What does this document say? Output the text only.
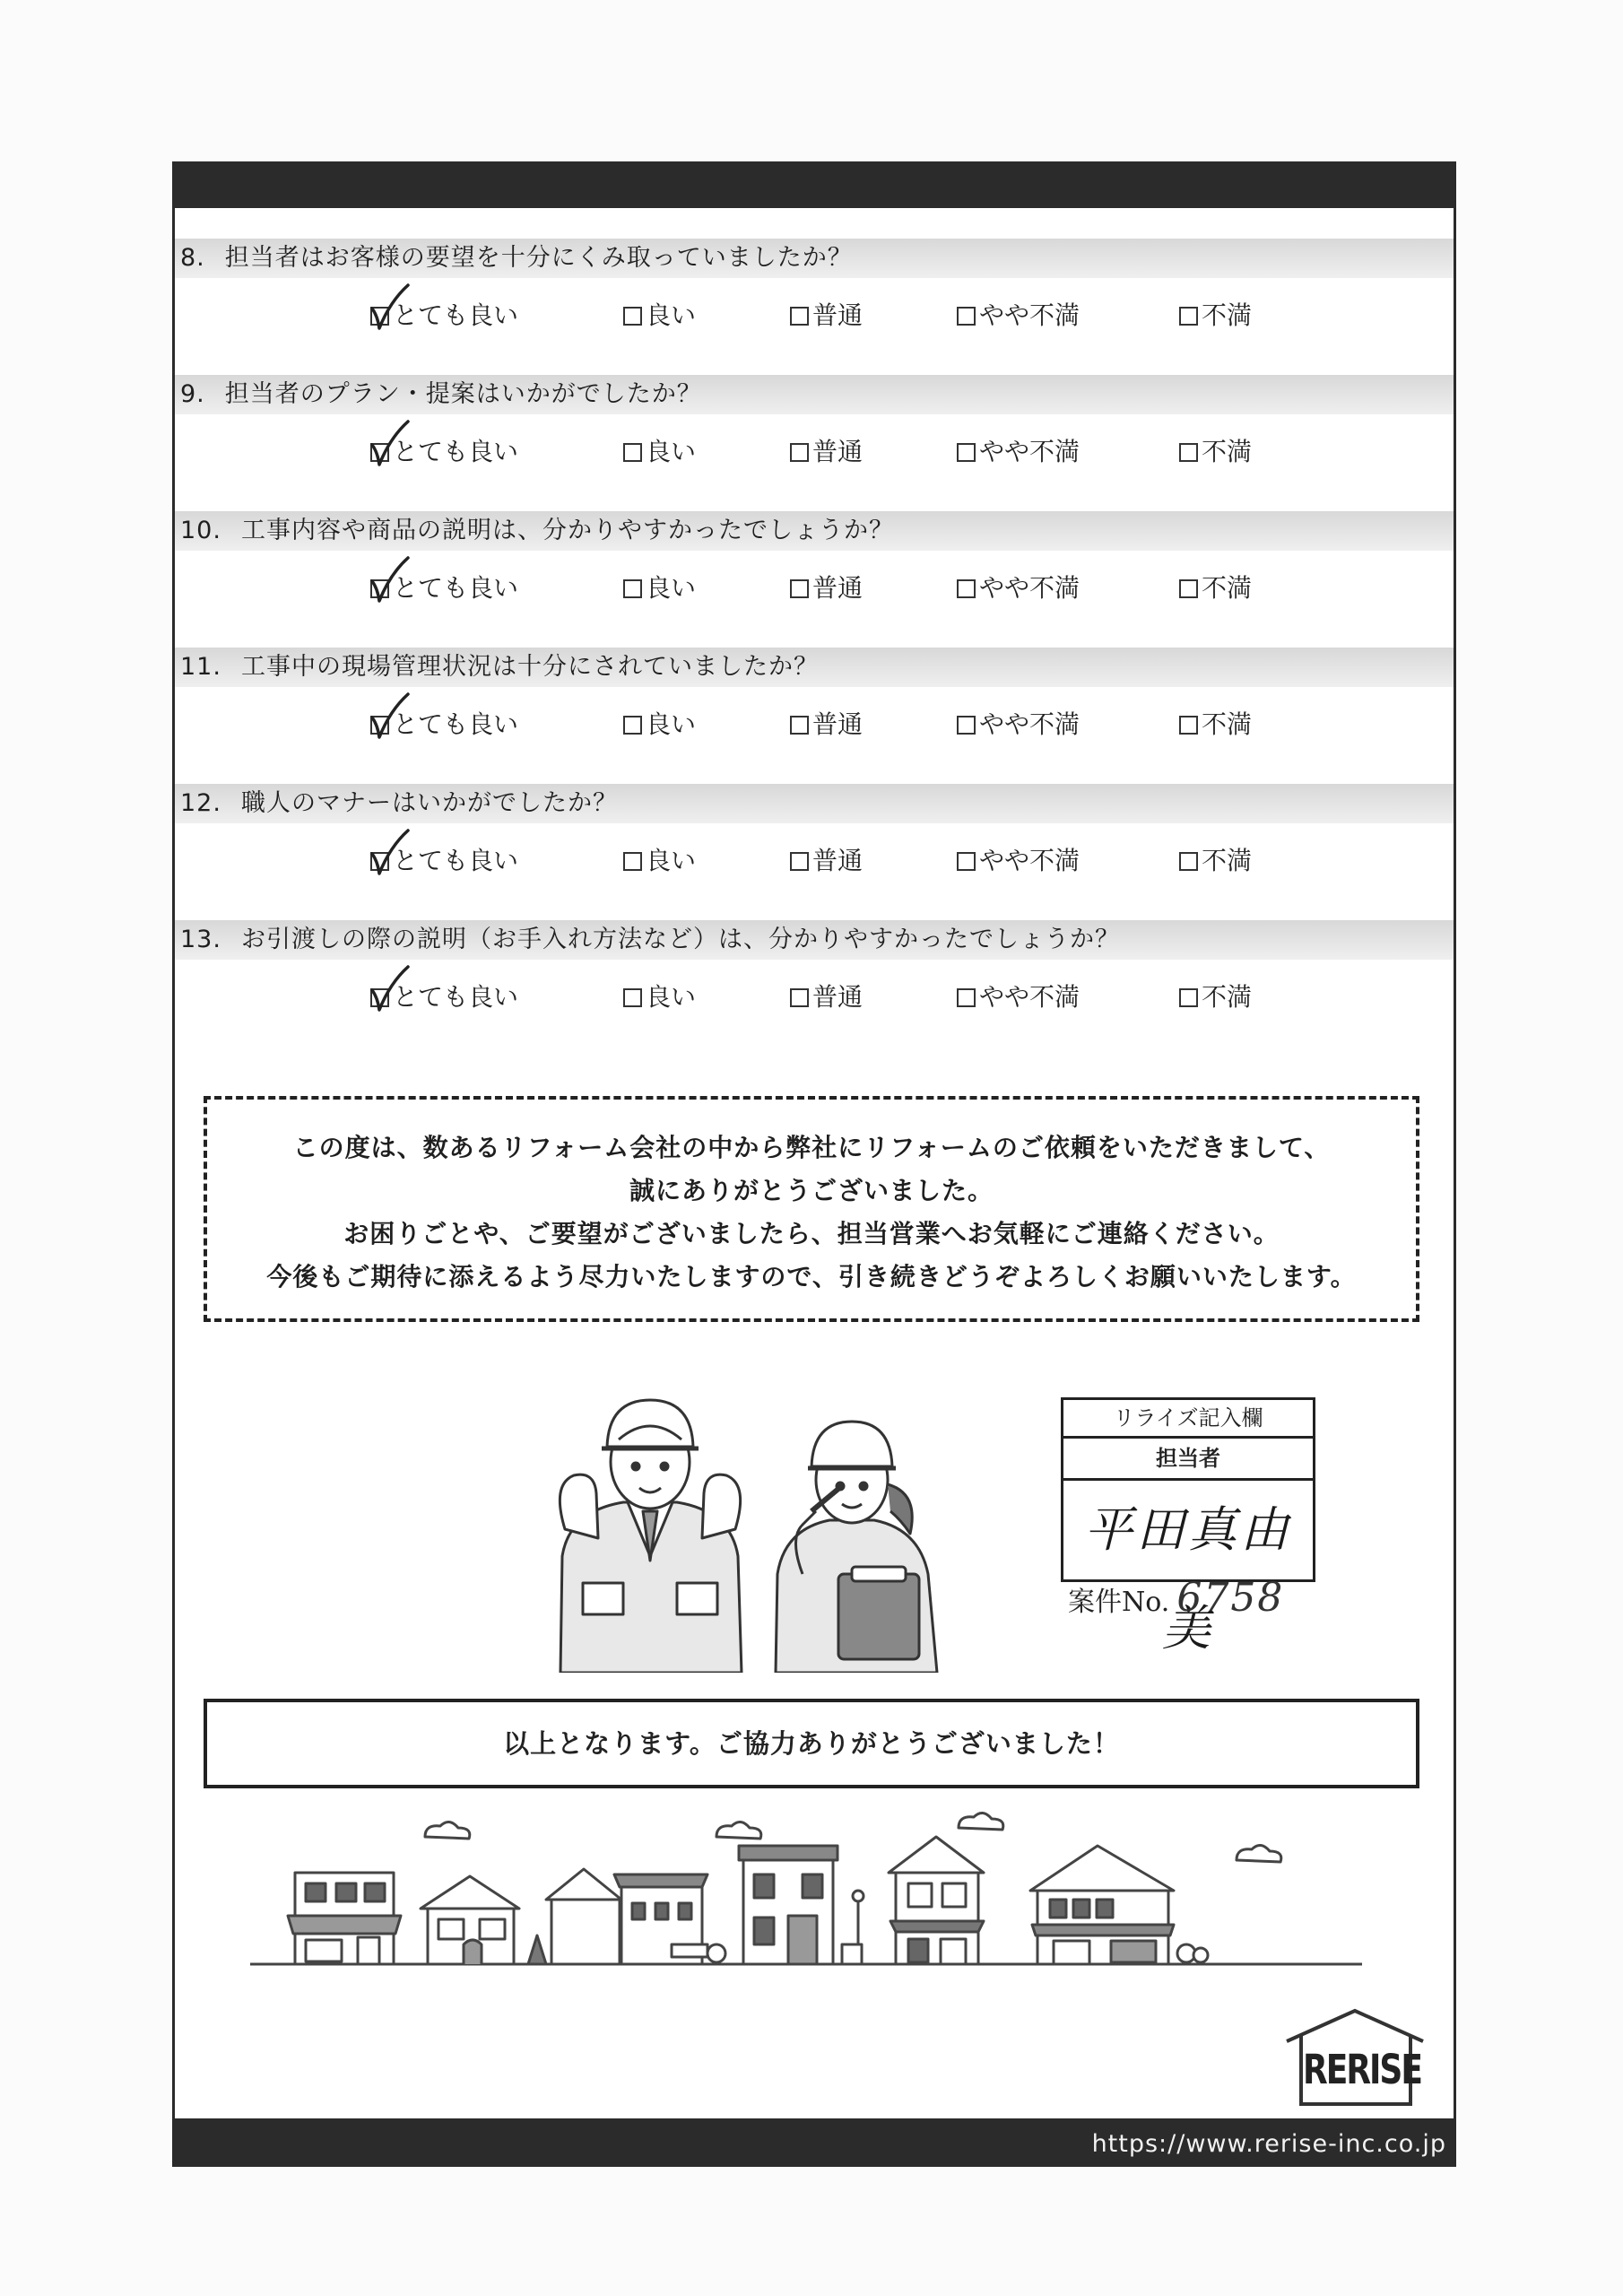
8. 担当者はお客様の要望を十分にくみ取っていましたか？
とても良い	良い	普通	やや不満	不満
9. 担当者のプラン・提案はいかがでしたか？
とても良い	良い	普通	やや不満	不満
10. 工事内容や商品の説明は、分かりやすかったでしょうか？
とても良い	良い	普通	やや不満	不満
11. 工事中の現場管理状況は十分にされていましたか？
とても良い	良い	普通	やや不満	不満
12. 職人のマナーはいかがでしたか？
とても良い	良い	普通	やや不満	不満
13. お引渡しの際の説明（お手入れ方法など）は、分かりやすかったでしょうか？
とても良い	良い	普通	やや不満	不満

この度は、数あるリフォーム会社の中から弊社にリフォームのご依頼をいただきまして、

誠にありがとうございました。

お困りごとや、ご要望がございましたら、担当営業へお気軽にご連絡ください。

今後もご期待に添えるよう尽力いたしますので、引き続きどうぞよろしくお願いいたします。

リライズ記入欄
担当者
平田真由美
案件No. 6758
以上となります。ご協力ありがとうございました！
RERISE
https://www.rerise-inc.co.jp
